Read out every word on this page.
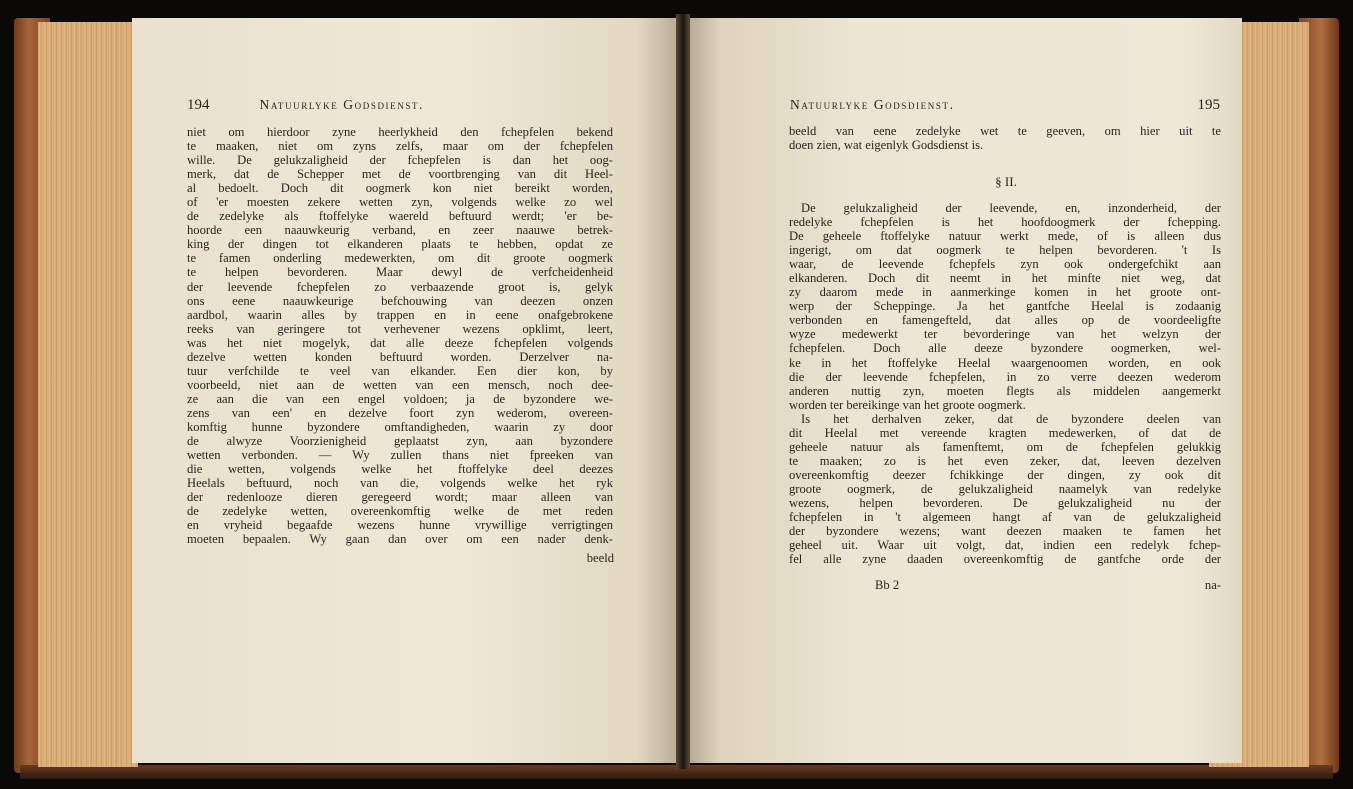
194	Natuurlyke Godsdienst.
niet om hierdoor zyne heerlykheid den fchepfelen bekend
te maaken, niet om zyns zelfs, maar om der fchepfelen
wille. De gelukzaligheid der fchepfelen is dan het oog-
merk, dat de Schepper met de voortbrenging van dit Heel-
al bedoelt. Doch dit oogmerk kon niet bereikt worden,
of 'er moesten zekere wetten zyn, volgends welke zo wel
de zedelyke als ftoffelyke waereld beftuurd werdt; 'er be-
hoorde een naauwkeurig verband, en zeer naauwe betrek-
king der dingen tot elkanderen plaats te hebben, opdat ze
te famen onderling medewerkten, om dit groote oogmerk
te helpen bevorderen. Maar dewyl de verfcheidenheid
der leevende fchepfelen zo verbaazende groot is, gelyk
ons eene naauwkeurige befchouwing van deezen onzen
aardbol, waarin alles by trappen en in eene onafgebrokene
reeks van geringere tot verhevener wezens opklimt, leert,
was het niet mogelyk, dat alle deeze fchepfelen volgends
dezelve wetten konden beftuurd worden. Derzelver na-
tuur verfchilde te veel van elkander. Een dier kon, by
voorbeeld, niet aan de wetten van een mensch, noch dee-
ze aan die van een engel voldoen; ja de byzondere we-
zens van een' en dezelve foort zyn wederom, overeen-
komftig hunne byzondere omftandigheden, waarin zy door
de alwyze Voorzienigheid geplaatst zyn, aan byzondere
wetten verbonden. — Wy zullen thans niet fpreeken van
die wetten, volgends welke het ftoffelyke deel deezes
Heelals beftuurd, noch van die, volgends welke het ryk
der redenlooze dieren geregeerd wordt; maar alleen van
de zedelyke wetten, overeenkomftig welke de met reden
en vryheid begaafde wezens hunne vrywillige verrigtingen
moeten bepaalen. Wy gaan dan over om een nader denk-
beeld
Natuurlyke Godsdienst.	195
beeld van eene zedelyke wet te geeven, om hier uit te
doen zien, wat eigenlyk Godsdienst is.
§ II.
De gelukzaligheid der leevende, en, inzonderheid, der
redelyke fchepfelen is het hoofdoogmerk der fchepping.
De geheele ftoffelyke natuur werkt mede, of is alleen dus
ingerigt, om dat oogmerk te helpen bevorderen. 't Is
waar, de leevende fchepfels zyn ook ondergefchikt aan
elkanderen. Doch dit neemt in het minfte niet weg, dat
zy daarom mede in aanmerkinge komen in het groote ont-
werp der Scheppinge. Ja het gantfche Heelal is zodaanig
verbonden en famengefteld, dat alles op de voordeeligfte
wyze medewerkt ter bevorderinge van het welzyn der
fchepfelen. Doch alle deeze byzondere oogmerken, wel-
ke in het ftoffelyke Heelal waargenoomen worden, en ook
die der leevende fchepfelen, in zo verre deezen wederom
anderen nuttig zyn, moeten flegts als middelen aangemerkt
worden ter bereikinge van het groote oogmerk.
Is het derhalven zeker, dat de byzondere deelen van
dit Heelal met vereende kragten medewerken, of dat de
geheele natuur als famenftemt, om de fchepfelen gelukkig
te maaken; zo is het even zeker, dat, leeven dezelven
overeenkomftig deezer fchikkinge der dingen, zy ook dit
groote oogmerk, de gelukzaligheid naamelyk van redelyke
wezens, helpen bevorderen. De gelukzaligheid nu der
fchepfelen in 't algemeen hangt af van de gelukzaligheid
der byzondere wezens; want deezen maaken te famen het
geheel uit. Waar uit volgt, dat, indien een redelyk fchep-
fel alle zyne daaden overeenkomftig de gantfche orde der
Bb 2	na-
